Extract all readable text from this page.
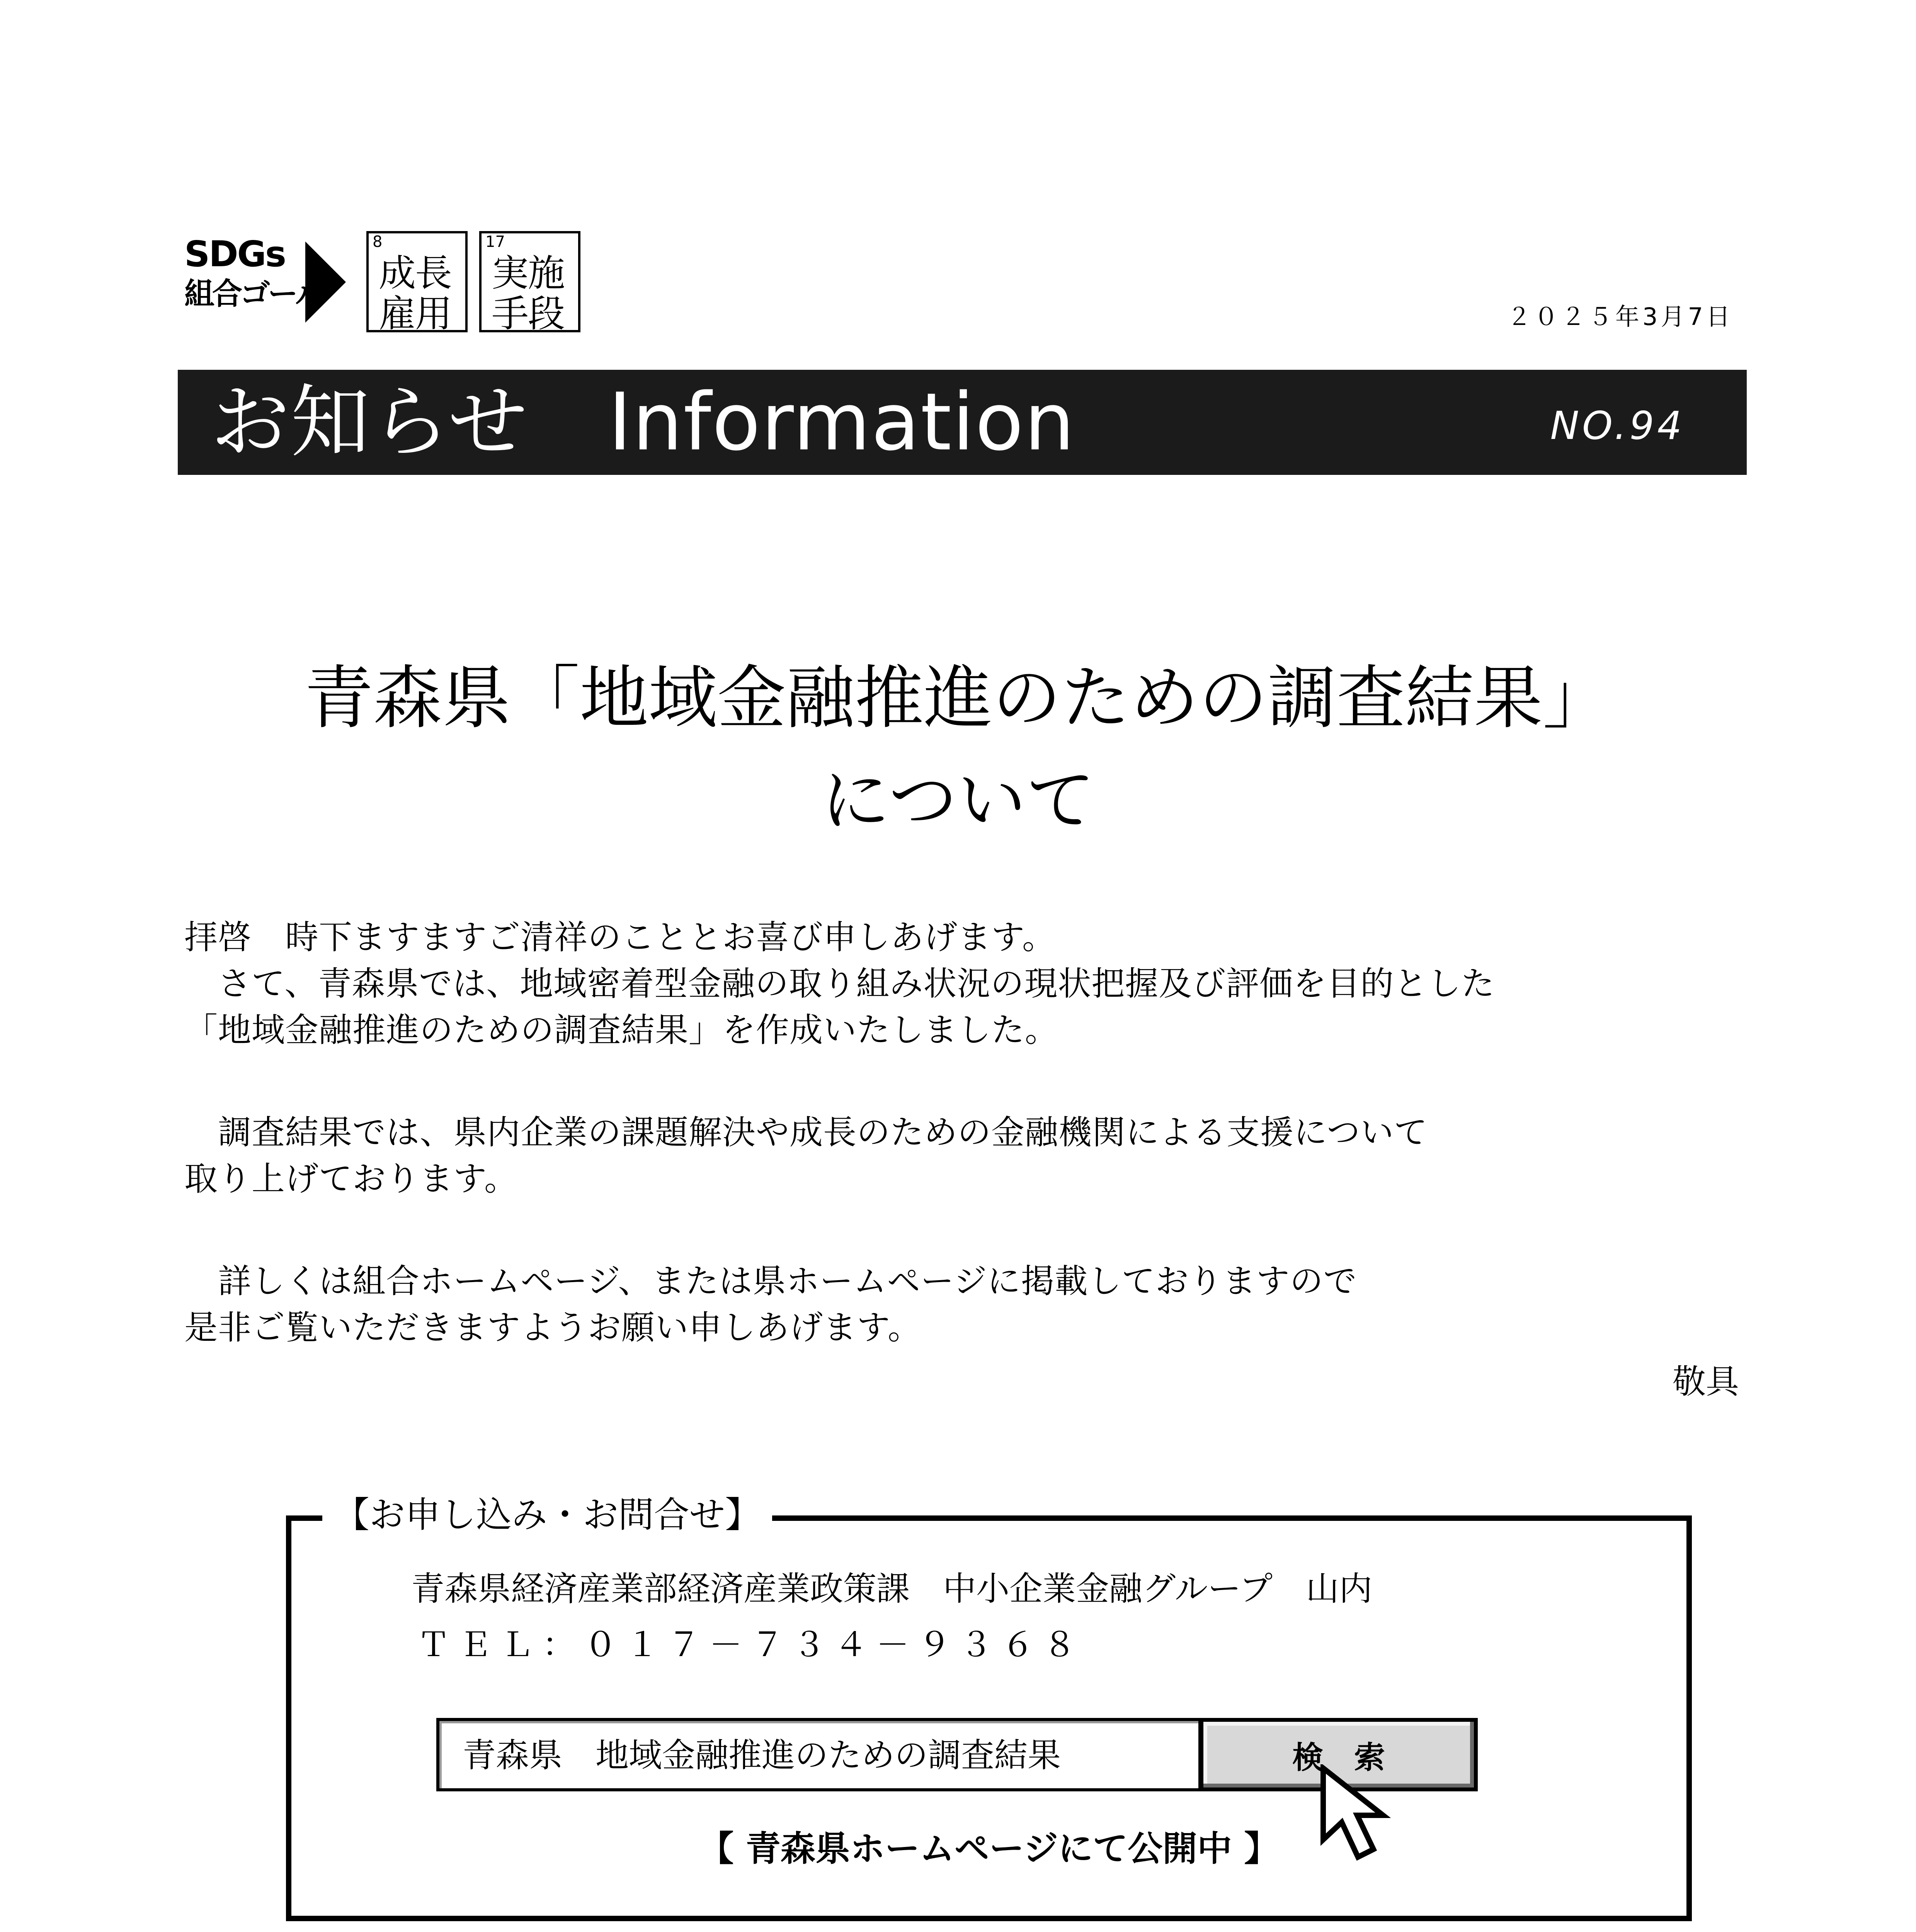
SDGs
組合ゴール
8
成長
雇用
17
実施
手段	２０２５年3月7日
お知らせ　Information	NO.94
青森県「地域金融推進のための調査結果」
について
拝啓　時下ますますご清祥のこととお喜び申しあげます。
　さて、青森県では、地域密着型金融の取り組み状況の現状把握及び評価を目的とした
「地域金融推進のための調査結果」を作成いたしました。
　調査結果では、県内企業の課題解決や成長のための金融機関による支援について
取り上げております。
　詳しくは組合ホームページ、または県ホームページに掲載しておりますので
是非ご覧いただきますようお願い申しあげます。
敬具
【お申し込み・お問合せ】
青森県経済産業部経済産業政策課　中小企業金融グループ　山内
ＴＥＬ：０１７－７３４－９３６８
青森県　地域金融推進のための調査結果	検索
【 青森県ホームページにて公開中 】
